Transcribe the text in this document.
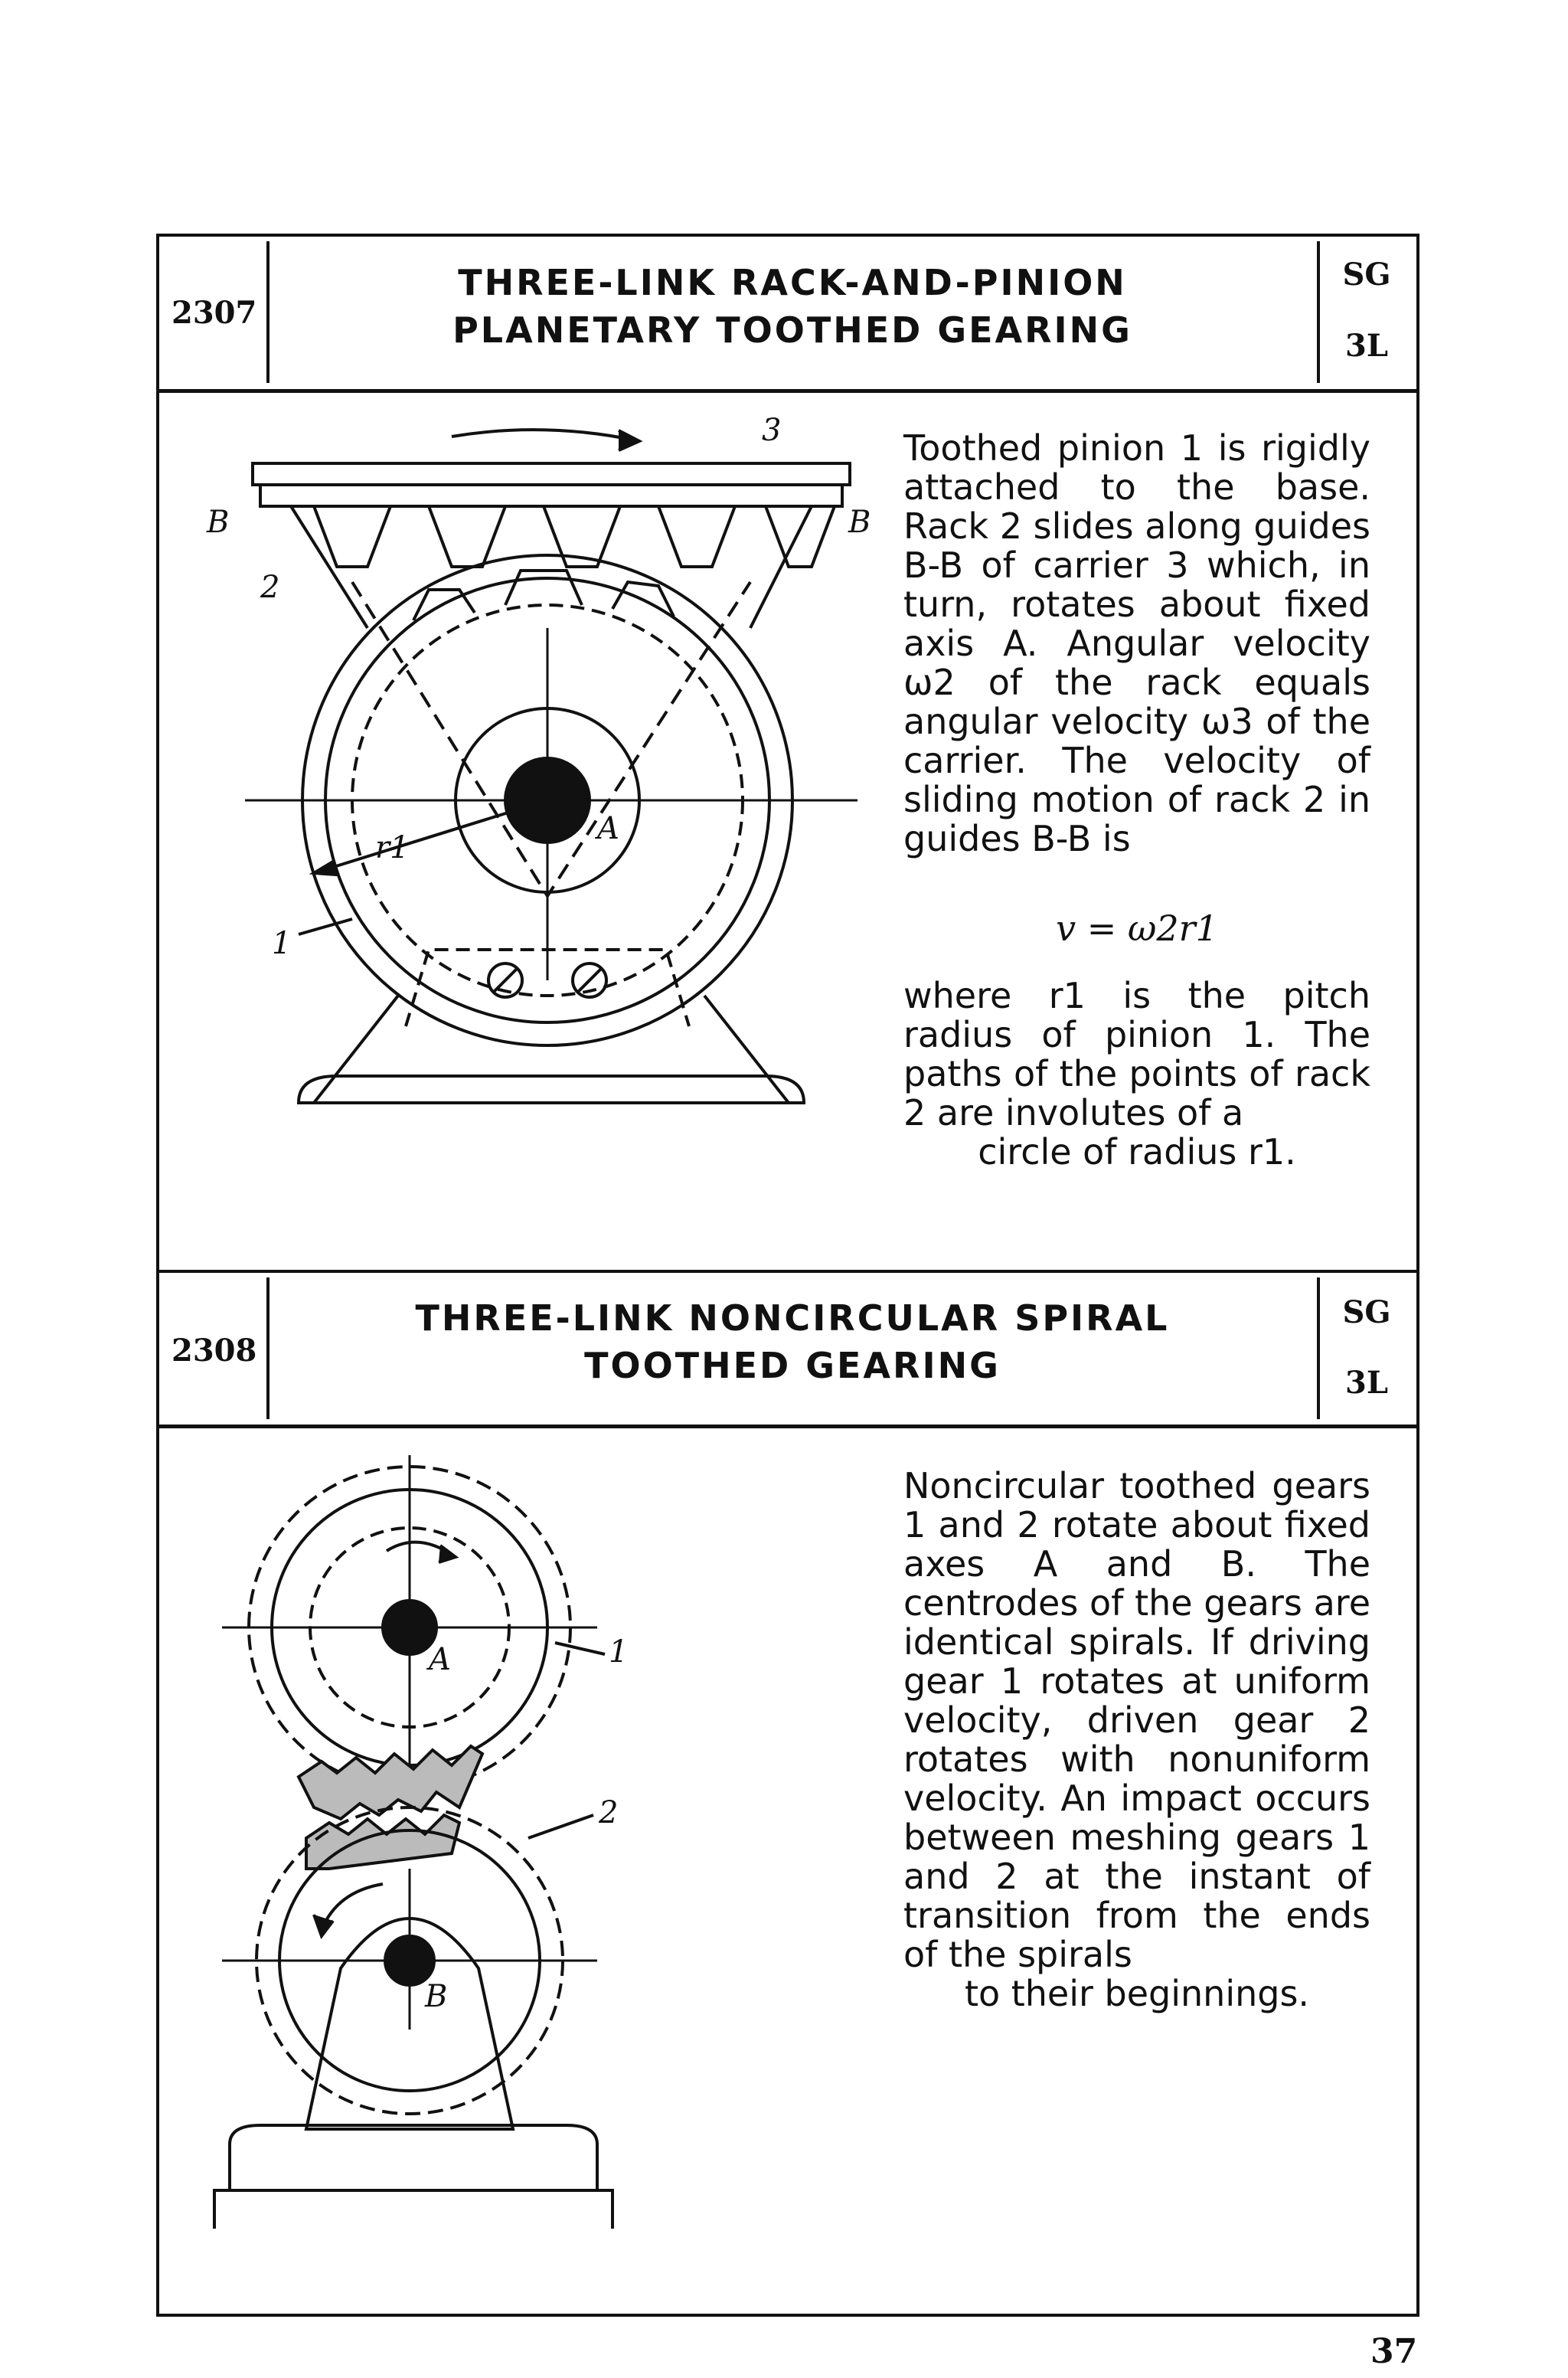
2307
THREE-LINK RACK-AND-PINION
PLANETARY TOOTHED GEARING
SG
3L
3
B	B
2
r1
1
A

Toothed pinion 1 is rigidly attached to the base. Rack 2 slides along guides B-B of carrier 3 which, in turn, rotates about fixed axis A. Angular velocity ω2 of the rack equals angular velocity ω3 of the carrier. The velocity of sliding motion of rack 2 in guides B-B is

v = ω2r1

where r1 is the pitch radius of pinion 1. The paths of the points of rack 2 are involutes of a

circle of radius r1.

2308
THREE-LINK NONCIRCULAR SPIRAL
TOOTHED GEARING
SG
3L
1
2
A
B

Noncircular toothed gears 1 and 2 rotate about fixed axes A and B. The centrodes of the gears are identical spirals. If driving gear 1 rotates at uniform velocity, driven gear 2 rotates with nonuniform velocity. An impact occurs between meshing gears 1 and 2 at the instant of transition from the ends of the spirals

to their beginnings.

37
